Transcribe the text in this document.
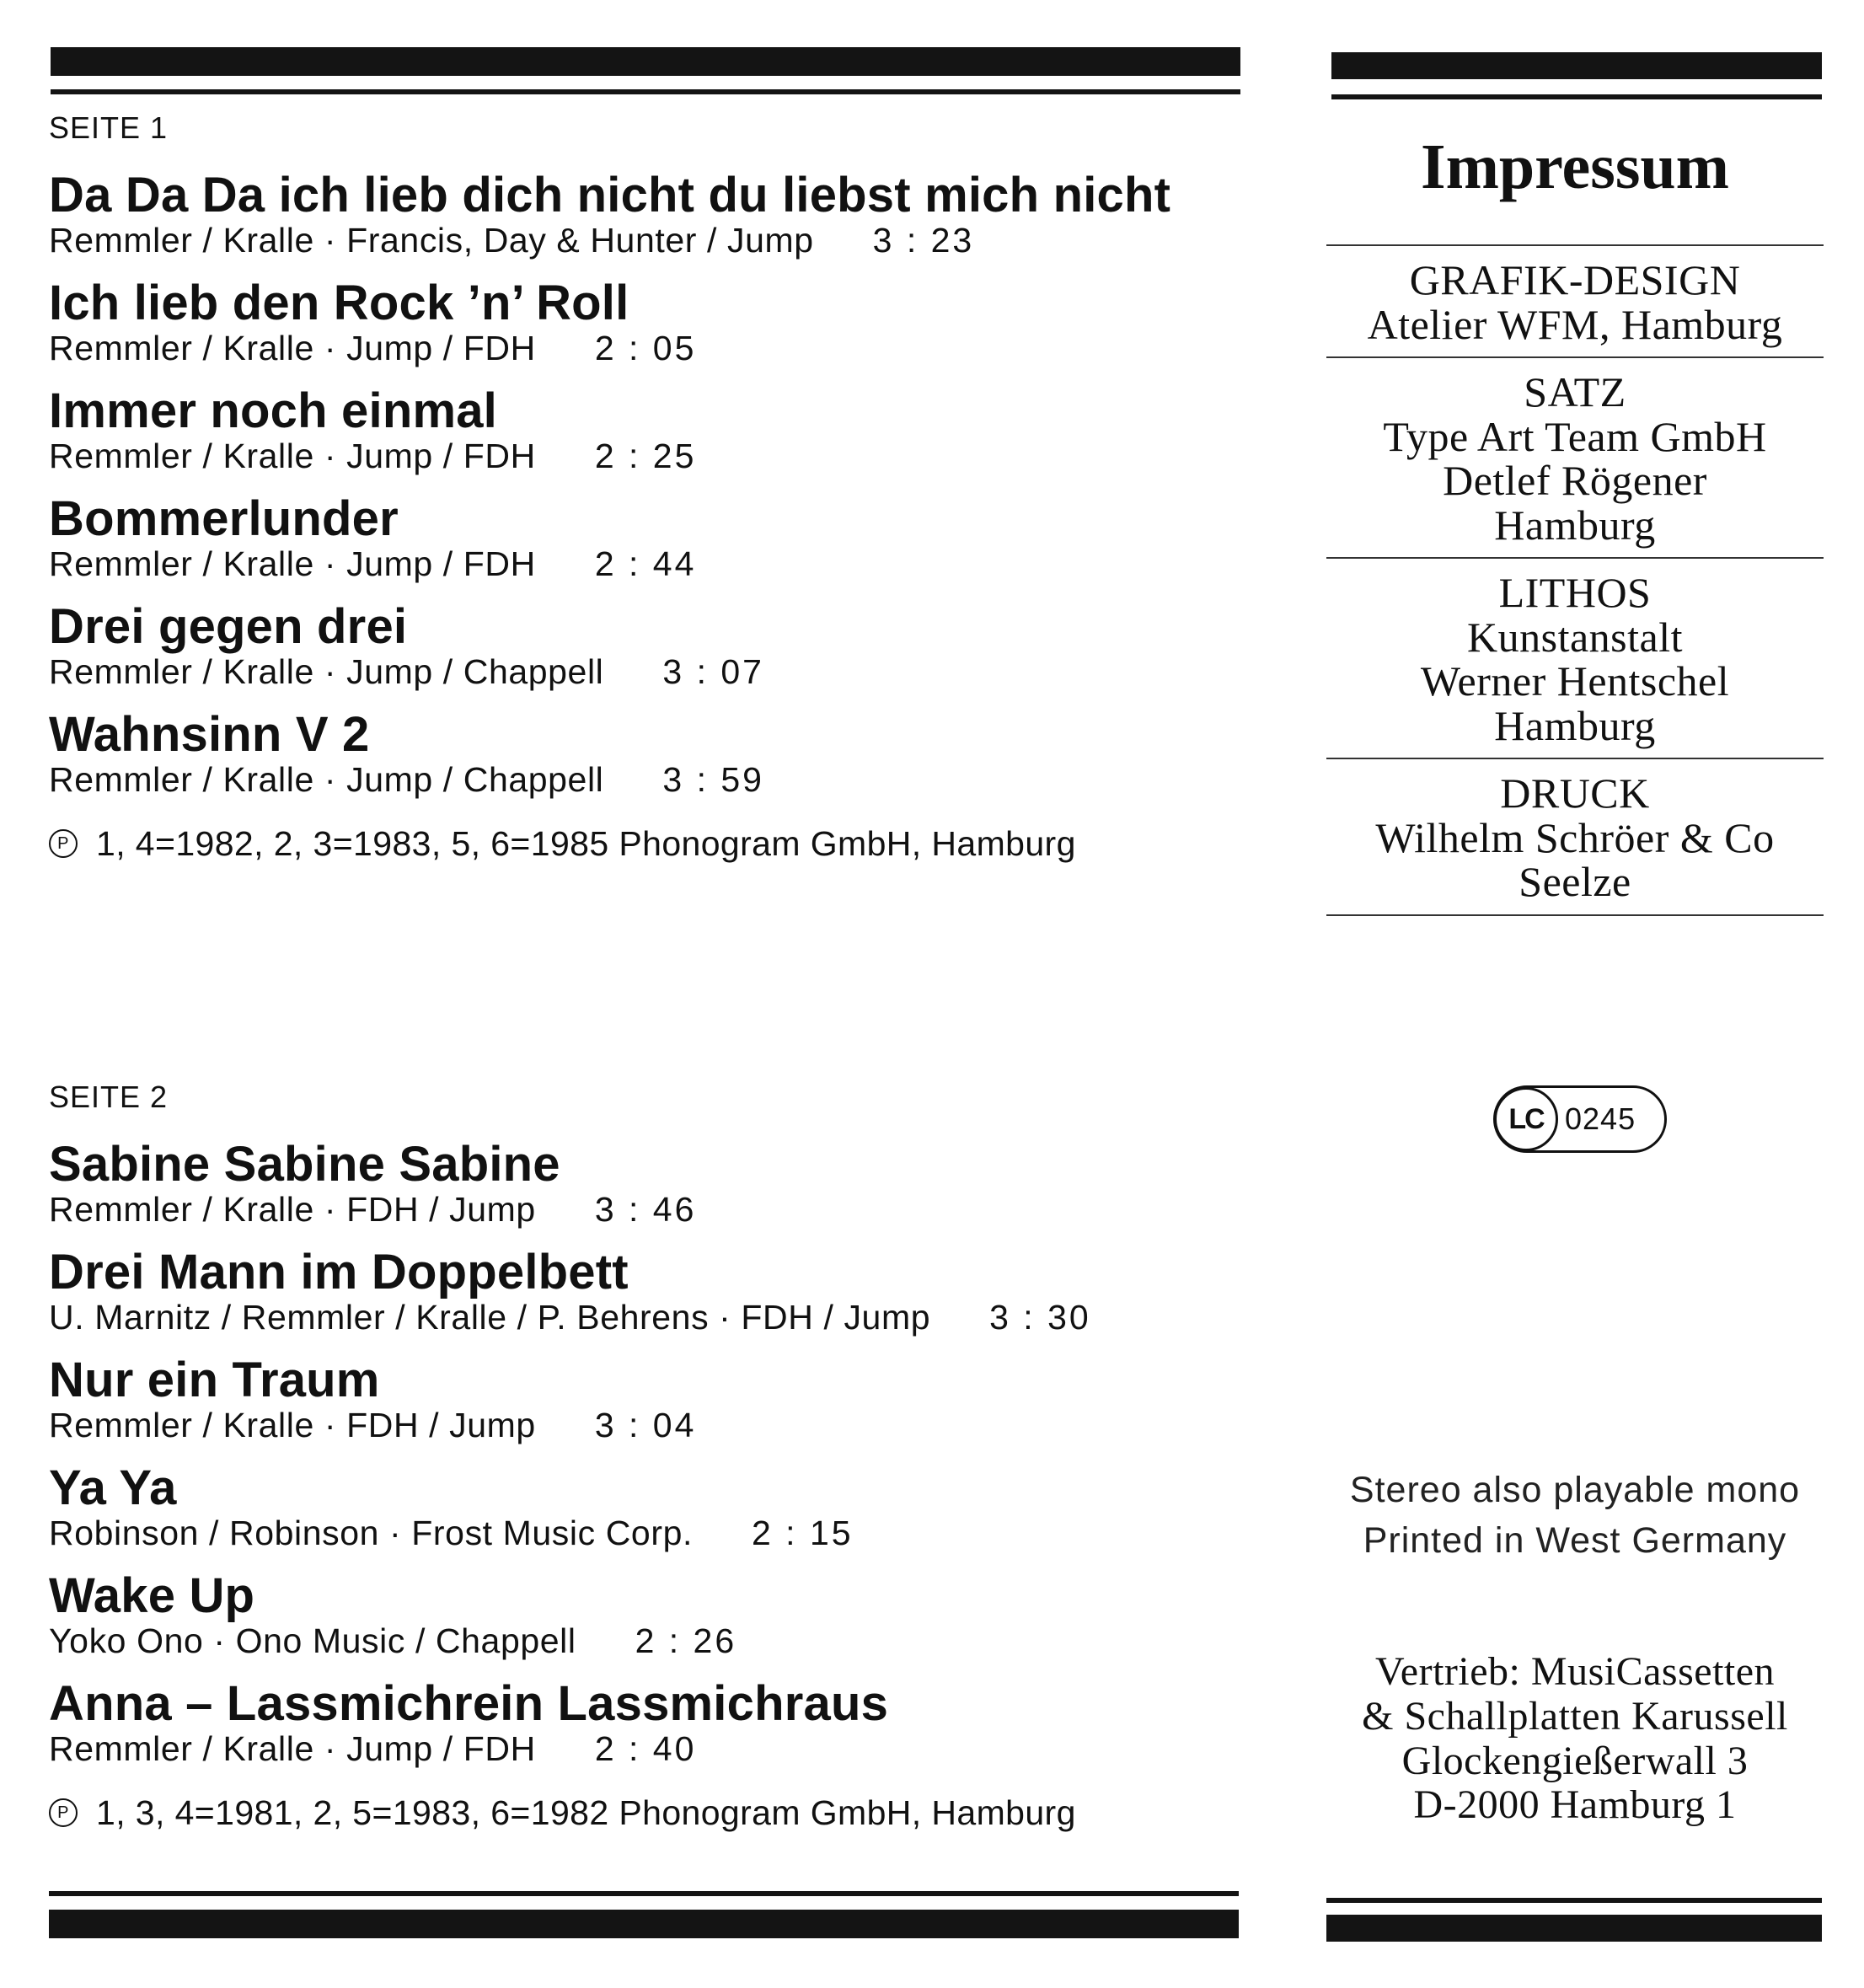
SEITE 1

Da Da Da ich lieb dich nicht du liebst mich nicht
Remmler / Kralle · Francis, Day & Hunter / Jump 3 : 23
Ich lieb den Rock ’n’ Roll
Remmler / Kralle · Jump / FDH 2 : 05
Immer noch einmal
Remmler / Kralle · Jump / FDH 2 : 25
Bommerlunder
Remmler / Kralle · Jump / FDH 2 : 44
Drei gegen drei
Remmler / Kralle · Jump / Chappell 3 : 07
Wahnsinn V 2
Remmler / Kralle · Jump / Chappell 3 : 59
P 1, 4=1982, 2, 3=1983, 5, 6=1985 Phonogram GmbH, Hamburg

SEITE 2

Sabine Sabine Sabine
Remmler / Kralle · FDH / Jump 3 : 46
Drei Mann im Doppelbett
U. Marnitz / Remmler / Kralle / P. Behrens · FDH / Jump 3 : 30
Nur ein Traum
Remmler / Kralle · FDH / Jump 3 : 04
Ya Ya
Robinson / Robinson · Frost Music Corp. 2 : 15
Wake Up
Yoko Ono · Ono Music / Chappell 2 : 26
Anna – Lassmichrein Lassmichraus
Remmler / Kralle · Jump / FDH 2 : 40
P 1, 3, 4=1981, 2, 5=1983, 6=1982 Phonogram GmbH, Hamburg
Impressum
GRAFIK-DESIGN
Atelier WFM, Hamburg
SATZ
Type Art Team GmbH
Detlef Rögener
Hamburg
LITHOS
Kunstanstalt
Werner Hentschel
Hamburg
DRUCK
Wilhelm Schröer & Co
Seelze
LC 0245
Stereo also playable mono
Printed in West Germany
Vertrieb: MusiCassetten
& Schallplatten Karussell
Glockengießerwall 3
D-2000 Hamburg 1
